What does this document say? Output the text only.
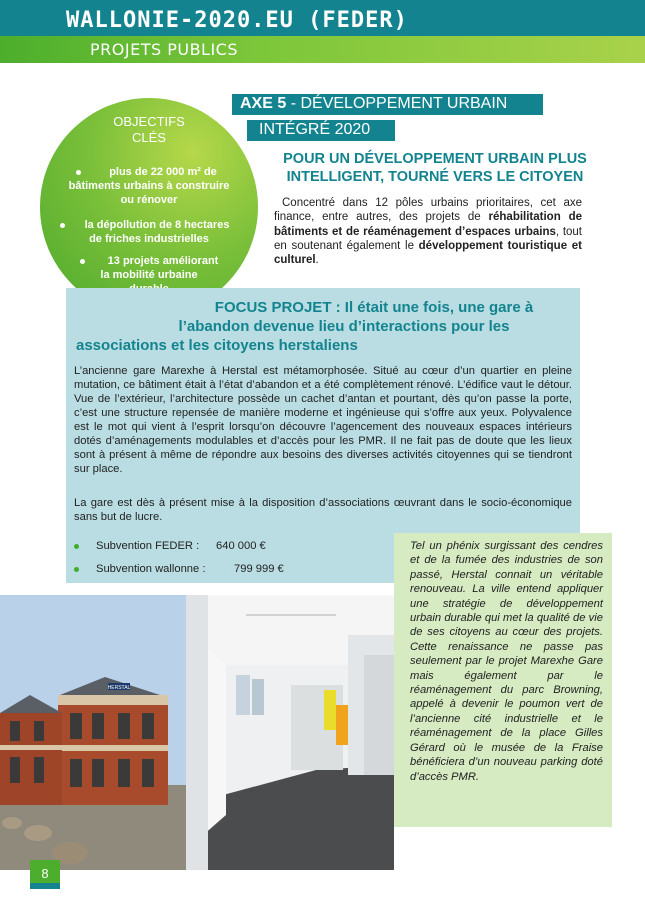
WALLONIE-2020.EU (FEDER)
PROJETS PUBLICS
AXE 5 - DÉVELOPPEMENT URBAIN
INTÉGRÉ 2020
OBJECTIFS
CLÉS
plus de 22 000 m² de
bâtiments urbains à construire
ou rénover
la dépollution de 8 hectares
de friches industrielles
13 projets améliorant
la mobilité urbaine
POUR UN DÉVELOPPEMENT URBAIN PLUS
INTELLIGENT, TOURNÉ VERS LE CITOYEN
Concentré dans 12 pôles urbains prioritaires, cet axe finance, entre autres, des projets de réhabilitation de bâtiments et de réaménagement d’espaces urbains, tout en soutenant également le développement touristique et culturel.
FOCUS PROJET : Il était une fois, une gare à
l’abandon devenue lieu d’interactions pour les
associations et les citoyens herstaliens
L’ancienne gare Marexhe à Herstal est métamorphosée. Situé au cœur d’un quartier en pleine mutation, ce bâtiment était à l’état d’abandon et a été complètement rénové. L’édifice vaut le détour. Vue de l’extérieur, l’architecture possède un cachet d’antan et pourtant, dès qu’on passe la porte, c’est une structure repensée de manière moderne et ingénieuse qui s’offre aux yeux. Polyvalence est le mot qui vient à l’esprit lorsqu’on découvre l’agencement des nouveaux espaces intérieurs dotés d’aménagements modulables et d’accès pour les PMR. Il ne fait pas de doute que les lieux sont à présent à même de répondre aux besoins des diverses activités citoyennes qui se tiendront sur place.
La gare est dès à présent mise à la disposition d’associations œuvrant dans le socio-économique sans but de lucre.
Subvention FEDER : 640 000 €
Subvention wallonne :	799 999 €
HERSTAL
Tel un phénix surgissant des cendres et de la fumée des industries de son passé, Herstal connait un véritable renouveau. La ville entend appliquer une stratégie de développement urbain durable qui met la qualité de vie de ses citoyens au cœur des projets. Cette renaissance ne passe pas seulement par le projet Marexhe Gare mais également par le réaménagement du parc Browning, appelé à devenir le poumon vert de l’ancienne cité industrielle et le réaménagement de la place Gilles Gérard où le musée de la Fraise bénéficiera d’un nouveau parking doté d’accès PMR.
8
